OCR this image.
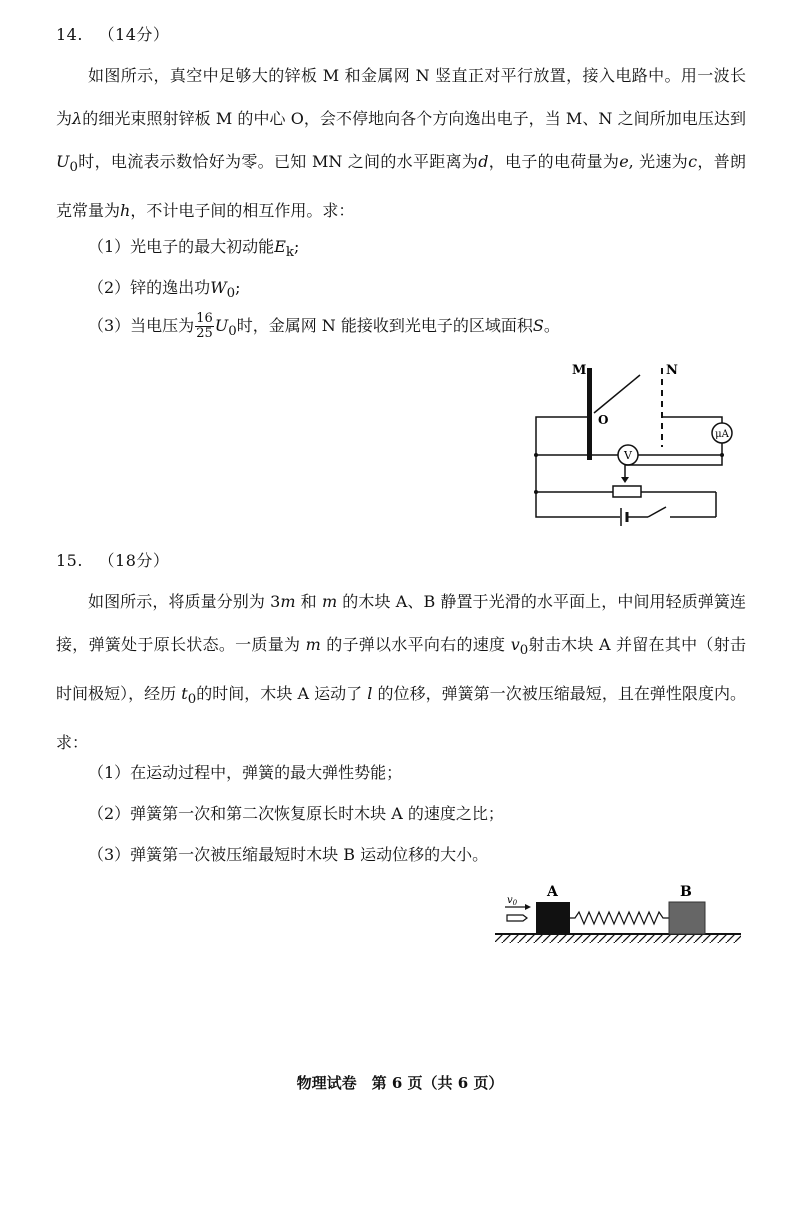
14. （14分）
如图所示，真空中足够大的锌板 M 和金属网 N 竖直正对平行放置，接入电路中。用一波长为λ的细光束照射锌板 M 的中心 O，会不停地向各个方向逸出电子，当 M、N 之间所加电压达到$U_0$时，电流表示数恰好为零。已知 MN 之间的水平距离为d，电子的电荷量为e, 光速为c，普朗克常量为h，不计电子间的相互作用。求：
（1）光电子的最大初动能$E_k$;
（2）锌的逸出功$W_0$;
（3）当电压为 $\frac{16}{25} U_0$时，金属网 N 能接收到光电子的区域面积S。
M	N
O
μA
V
15. （18分）
如图所示，将质量分别为 3m 和 m 的木块 A、B 静置于光滑的水平面上，中间用轻质弹簧连接，弹簧处于原长状态。一质量为 m 的子弹以水平向右的速度 $v_0$射击木块 A 并留在其中（射击时间极短），经历 $t_0$的时间，木块 A 运动了 l 的位移，弹簧第一次被压缩最短，且在弹性限度内。求：
（1）在运动过程中，弹簧的最大弹性势能；
（2）弹簧第一次和第二次恢复原长时木块 A 的速度之比；
（3）弹簧第一次被压缩最短时木块 B 运动位移的大小。
$v_0$
A	B
物理试卷　第 6 页（共 6 页）
